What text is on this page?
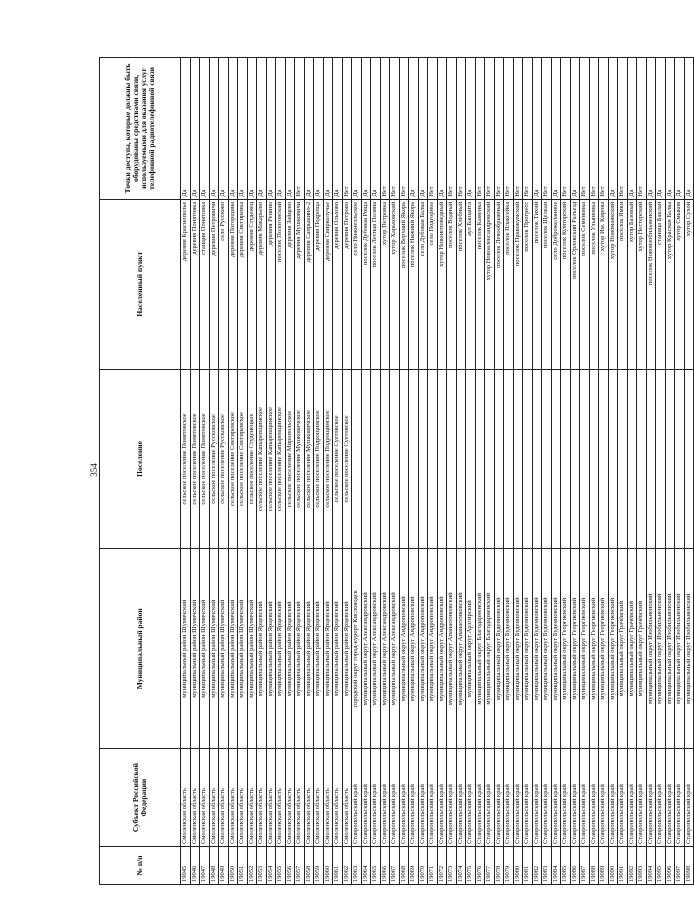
354
№ п/п	Субъект Российской Федерации	Муниципальный район	Поселение	Населенный пункт	Точки доступа, которые должны быть оборудованы средствами связи, используемыми для оказания услуг телефонной радиотелефонной связи
19045	Смоленская область	муниципальный район Шумячский	сельское поселение Понятовское	деревня Краснополье	Да
19046	Смоленская область	муниципальный район Шумячский	сельское поселение Понятовское	деревня Понятовка	Да
19047	Смоленская область	муниципальный район Шумячский	сельское поселение Понятовское	станция Понятовка	Да
19048	Смоленская область	муниципальный район Шумячский	сельское поселение Руссковское	деревня Петровичи	Да
19049	Смоленская область	муниципальный район Шумячский	сельское поселение Руссковское	село Руссково	Да
19050	Смоленская область	муниципальный район Шумячский	сельское поселение Снегиревское	деревня Погорщина	Да
19051	Смоленская область	муниципальный район Шумячский	сельское поселение Снегиревское	деревня Снегиревка	Да
19052	Смоленская область	муниципальный район Шумячский	сельское поселение Студенецкое	деревня Студенец	Да
19053	Смоленская область	муниципальный район Ярцевский	сельское поселение Капыревщинское	деревня Макарьево	Да
19054	Смоленская область	муниципальный район Ярцевский	сельское поселение Капыревщинское	деревня Репино	Да
19055	Смоленская область	муниципальный район Ярцевский	сельское поселение Капыревщинское	поселок Пологовский	Да
19056	Смоленская область	муниципальный район Ярцевский	сельское поселение Миропольское	деревня Зайцево	Да
19057	Смоленская область	муниципальный район Ярцевский	сельское поселение Мушковичское	деревня Мушковичи	Нет
19058	Смоленская область	муниципальный район Ярцевский	сельское поселение Мушковичское	деревня Сапрыкино-2	Да
19059	Смоленская область	муниципальный район Ярцевский	сельское поселение Подрощинское	деревня Подроща	Да
19060	Смоленская область	муниципальный район Ярцевский	сельское поселение Подрощинское	деревня Свирколучье	Да
19061	Смоленская область	муниципальный район Ярцевский	сельское поселение Суетовское	деревня Ольхово	Да
19062	Смоленская область	муниципальный район Ярцевский	сельское поселение Суетовское	деревня Петрово	Нет
19063	Ставропольский край	городской округ город-курорт Кисловодск		село Нижнеэльское	Да
19064	Ставропольский край	муниципальный округ Александровский		поселок Дубовая Роща	Да
19065	Ставропольский край	муниципальный округ Александровский		поселок Лесная Поляна	Да
19066	Ставропольский край	муниципальный округ Александровский		хутор Петровка	Нет
19067	Ставропольский край	муниципальный округ Александровский		хутор Харьковский	Нет
19068	Ставропольский край	муниципальный округ Андроповский		поселок Верхний Якорь	Нет
19069	Ставропольский край	муниципальный округ Андроповский		поселок Нижний Якорь	Да
19070	Ставропольский край	муниципальный округ Андроповский		село Дубовая Балка	Да
19071	Ставропольский край	муниципальный округ Андроповский		село Подгорное	Нет
19072	Ставропольский край	муниципальный округ Андроповский		хутор Новоисповедный	Да
19073	Ставропольский край	муниципальный округ Апанасенковский		поселок Водный	Нет
19074	Ставропольский край	муниципальный округ Апанасенковский		поселок Хлебный	Нет
19075	Ставропольский край	муниципальный округ Арзгирский		аул Башанта	Да
19076	Ставропольский край	муниципальный округ Благодарненский		поселок Каменка	Нет
19077	Ставропольский край	муниципальный округ Благодарненский		хутор Новоалександровский	Нет
19078	Ставропольский край	муниципальный округ Буденновский		поселок Левообрывный	Нет
19079	Ставропольский край	муниципальный округ Буденновский		поселок Плаксейка	Нет
19080	Ставропольский край	муниципальный округ Буденновский		поселок Правокумский	Нет
19081	Ставропольский край	муниципальный округ Буденновский		поселок Прогресс	Нет
19082	Ставропольский край	муниципальный округ Буденновский		поселок Тихий	Да
19083	Ставропольский край	муниципальный округ Буденновский		поселок Щелкан	Нет
19084	Ставропольский край	муниципальный округ Буденновский		село Доброжеланное	Да
19085	Ставропольский край	муниципальный округ Георгиевский		поселок Кумторский	Нет
19086	Ставропольский край	муниципальный округ Георгиевский		поселок Орловский Разъезд	Да
19087	Ставропольский край	муниципальный округ Георгиевский		поселок Семеновка	Нет
19088	Ставропольский край	муниципальный округ Георгиевский		поселок Ульяновка	Нет
19089	Ставропольский край	муниципальный округ Георгиевский		хутор Им. Кирова	Нет
19090	Ставропольский край	муниципальный округ Георгиевский		хутор Новомаякский	Да
19091	Ставропольский край	муниципальный округ Грачёвский		поселок Ямки	Нет
19092	Ставропольский край	муниципальный округ Грачёвский		хутор Базовый	Да
19093	Ставропольский край	муниципальный округ Грачёвский		хутор Нестерский	Нет
19094	Ставропольский край	муниципальный округ Изобильненский		поселок Новоизобильненский	Да
19095	Ставропольский край	муниципальный округ Изобильненский		станица Баклан	Да
19096	Ставропольский край	муниципальный округ Изобильненский		хутор Красная Балка	Да
19097	Ставропольский край	муниципальный округ Изобильненский		хутор Смыков	Да
19098	Ставропольский край	муниципальный округ Изобильненский		хутор Сухой	Да
